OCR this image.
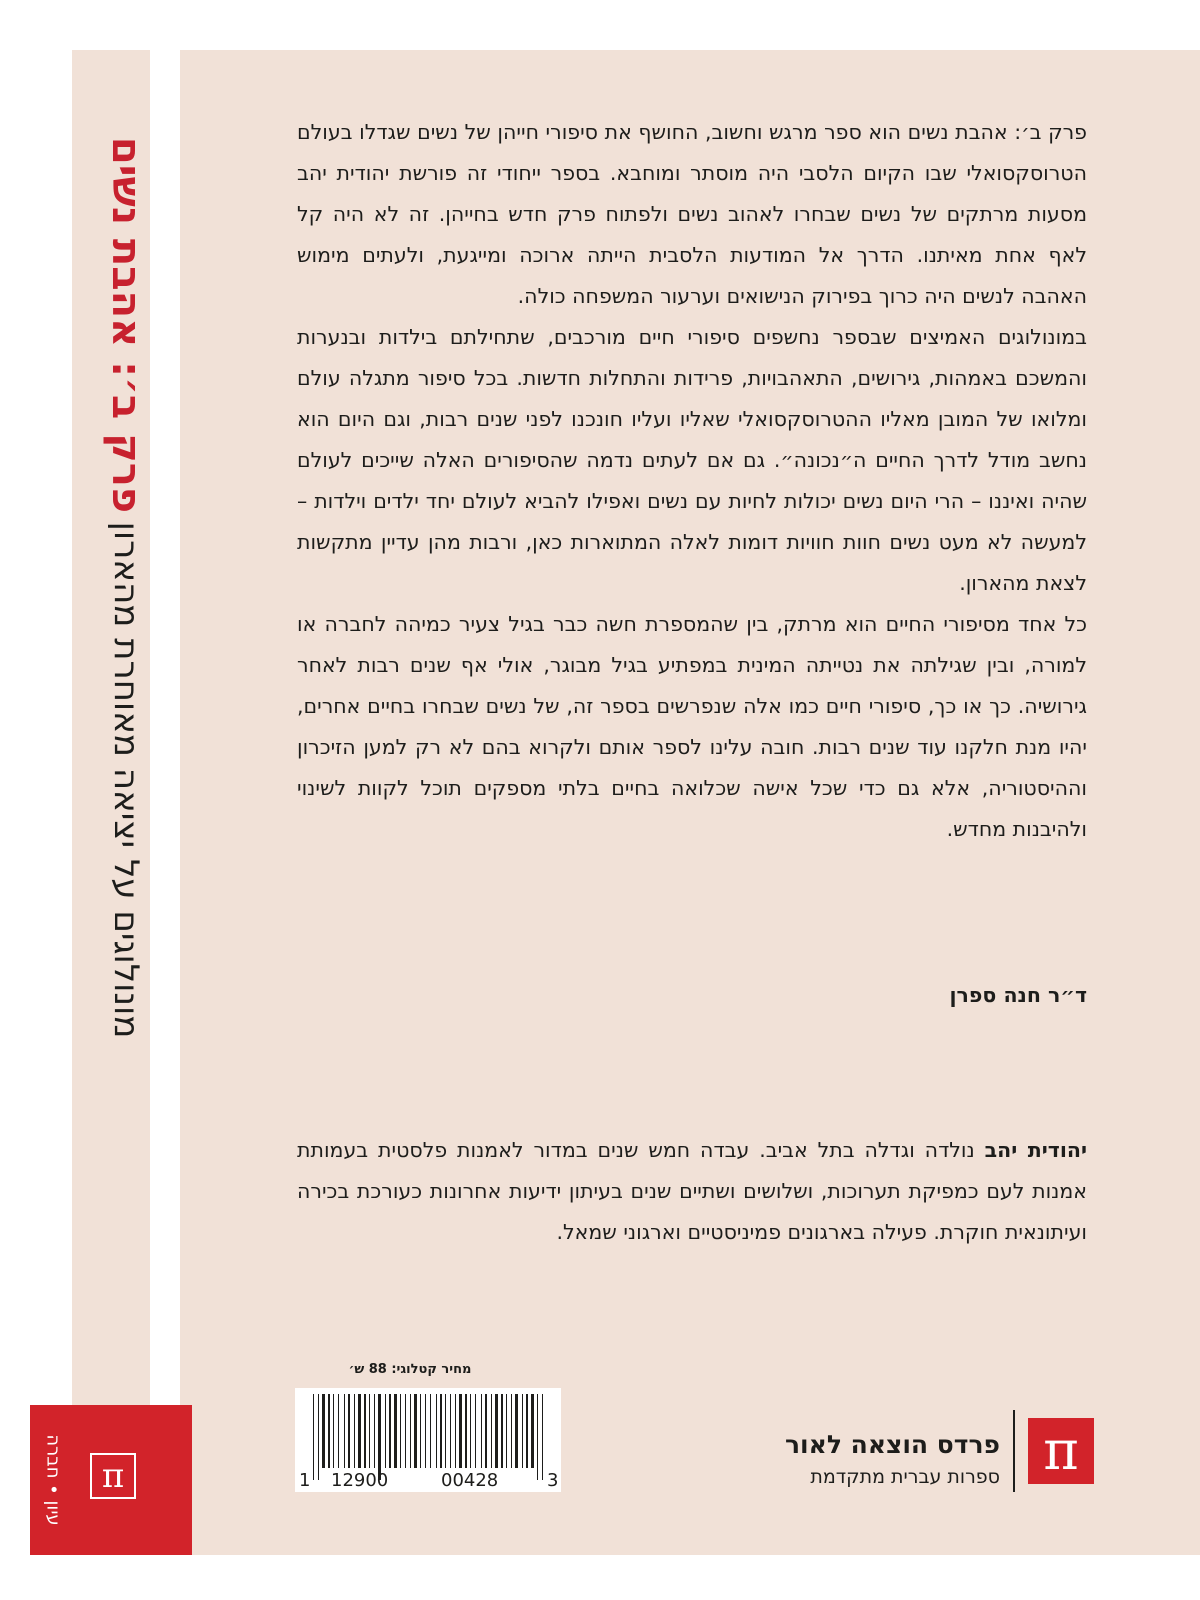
פרק ב׳: אהבת נשים
מונולוגים על יציאה מאוחרת מהארון
עיון • חברה	π

פרק ב׳: אהבת נשים הוא ספר מרגש וחשוב, החושף את סיפורי חייהן של נשים שגדלו בעולם הטרוסקסואלי שבו הקיום הלסבי היה מוסתר ומוחבא. בספר ייחודי זה פורשת יהודית יהב מסעות מרתקים של נשים שבחרו לאהוב נשים ולפתוח פרק חדש בחייהן. זה לא היה קל לאף אחת מאיתנו. הדרך אל המודעות הלסבית הייתה ארוכה ומייגעת, ולעתים מימוש האהבה לנשים היה כרוך בפירוק הנישואים וערעור המשפחה כולה.

במונולוגים האמיצים שבספר נחשפים סיפורי חיים מורכבים, שתחילתם בילדות ובנערות והמשכם באמהות, גירושים, התאהבויות, פרידות והתחלות חדשות. בכל סיפור מתגלה עולם ומלואו של המובן מאליו ההטרוסקסואלי שאליו ועליו חונכנו לפני שנים רבות, וגם היום הוא נחשב מודל לדרך החיים ה״נכונה״. גם אם לעתים נדמה שהסיפורים האלה שייכים לעולם שהיה ואיננו – הרי היום נשים יכולות לחיות עם נשים ואפילו להביא לעולם יחד ילדים וילדות – למעשה לא מעט נשים חוות חוויות דומות לאלה המתוארות כאן, ורבות מהן עדיין מתקשות לצאת מהארון.

כל אחד מסיפורי החיים הוא מרתק, בין שהמספרת חשה כבר בגיל צעיר כמיהה לחברה או למורה, ובין שגילתה את נטייתה המינית במפתיע בגיל מבוגר, אולי אף שנים רבות לאחר גירושיה. כך או כך, סיפורי חיים כמו אלה שנפרשים בספר זה, של נשים שבחרו בחיים אחרים, יהיו מנת חלקנו עוד שנים רבות. חובה עלינו לספר אותם ולקרוא בהם לא רק למען הזיכרון וההיסטוריה, אלא גם כדי שכל אישה שכלואה בחיים בלתי מספקים תוכל לקוות לשינוי ולהיבנות מחדש.

ד״ר חנה ספרן

יהודית יהב נולדה וגדלה בתל אביב. עבדה חמש שנים במדור לאמנות פלסטית בעמותת אמנות לעם כמפיקת תערוכות, ושלושים ושתיים שנים בעיתון ידיעות אחרונות כעורכת בכירה ועיתונאית חוקרת. פעילה בארגונים פמיניסטיים וארגוני שמאל.

מחיר קטלוגי: 88 ש׳
1 12900	00428	3	π
פרדס הוצאה לאור
ספרות עברית מתקדמת
